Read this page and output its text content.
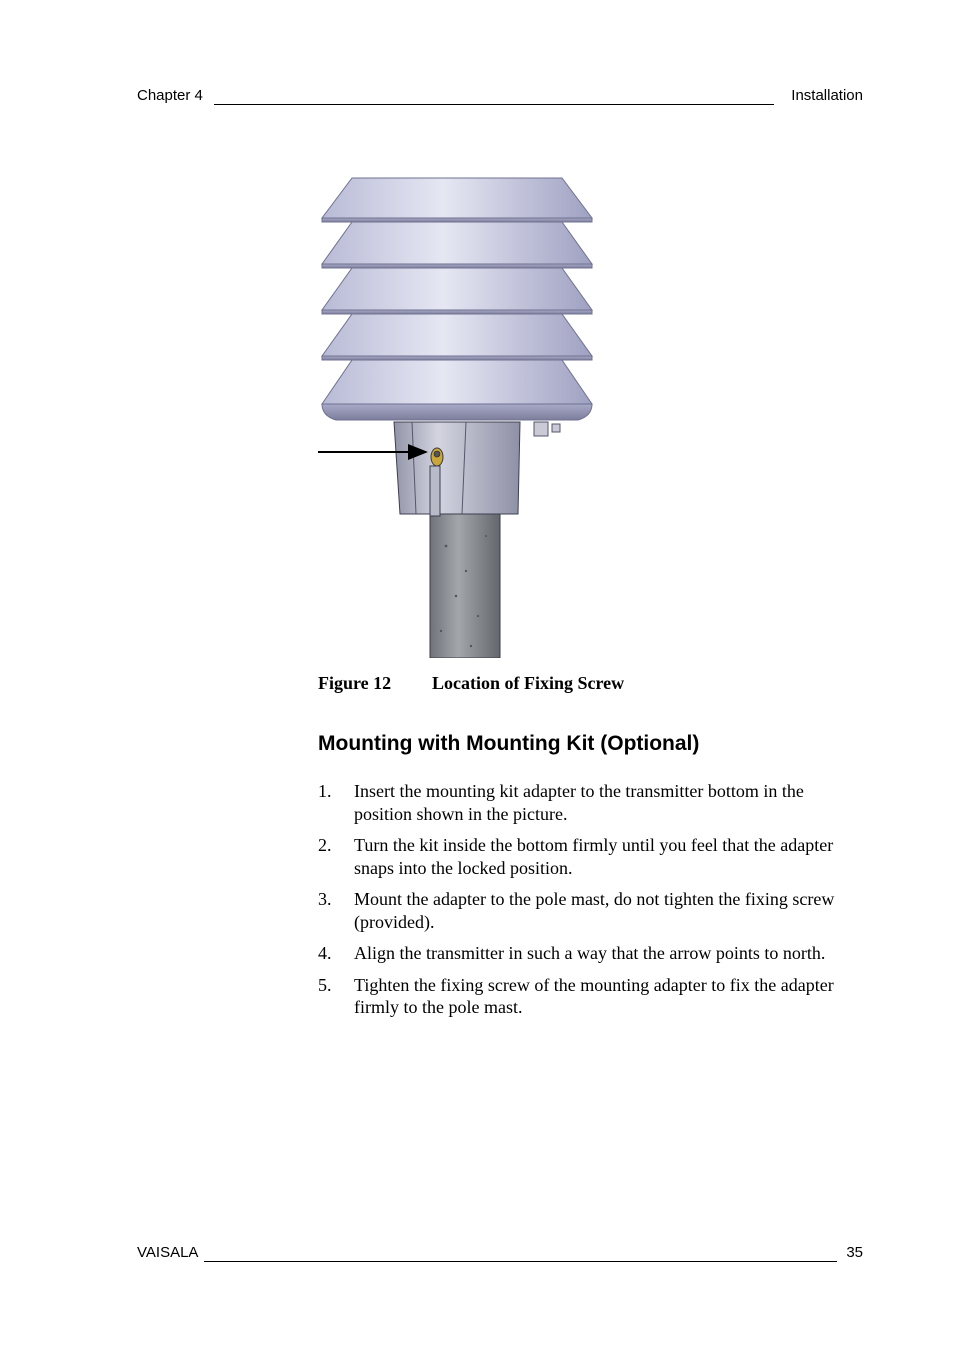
Chapter 4	Installation
Figure 12 Location of Fixing Screw
Mounting with Mounting Kit (Optional)
1. Insert the mounting kit adapter to the transmitter bottom in the position shown in the picture.
2. Turn the kit inside the bottom firmly until you feel that the adapter snaps into the locked position.
3. Mount the adapter to the pole mast, do not tighten the fixing screw (provided).
4. Align the transmitter in such a way that the arrow points to north.
5. Tighten the fixing screw of the mounting adapter to fix the adapter firmly to the pole mast.
VAISALA	35
